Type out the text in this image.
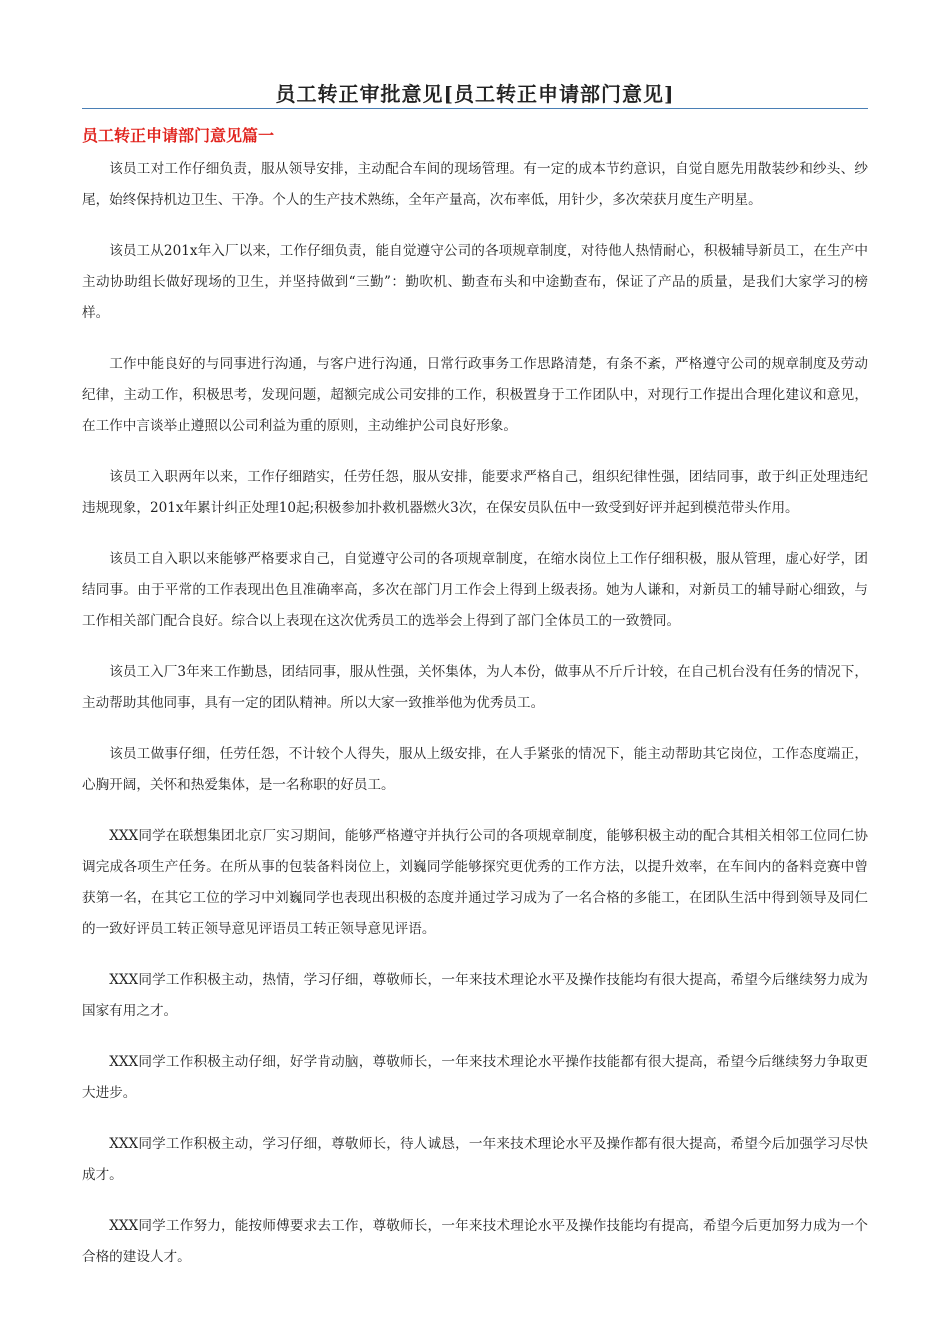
员工转正审批意见[员工转正申请部门意见]
员工转正申请部门意见篇一

该员工对工作仔细负责，服从领导安排，主动配合车间的现场管理。有一定的成本节约意识，自觉自愿先用散装纱和纱头、纱尾，始终保持机边卫生、干净。个人的生产技术熟练，全年产量高，次布率低，用针少，多次荣获月度生产明星。

该员工从201x年入厂以来，工作仔细负责，能自觉遵守公司的各项规章制度，对待他人热情耐心，积极辅导新员工，在生产中主动协助组长做好现场的卫生，并坚持做到“三勤”：勤吹机、勤查布头和中途勤查布，保证了产品的质量，是我们大家学习的榜样。

工作中能良好的与同事进行沟通，与客户进行沟通，日常行政事务工作思路清楚，有条不紊，严格遵守公司的规章制度及劳动纪律，主动工作，积极思考，发现问题，超额完成公司安排的工作，积极置身于工作团队中，对现行工作提出合理化建议和意见，在工作中言谈举止遵照以公司利益为重的原则，主动维护公司良好形象。

该员工入职两年以来，工作仔细踏实，任劳任怨，服从安排，能要求严格自己，组织纪律性强，团结同事，敢于纠正处理违纪违规现象，201x年累计纠正处理10起;积极参加扑救机器燃火3次，在保安员队伍中一致受到好评并起到模范带头作用。

该员工自入职以来能够严格要求自己，自觉遵守公司的各项规章制度，在缩水岗位上工作仔细积极，服从管理，虚心好学，团结同事。由于平常的工作表现出色且准确率高，多次在部门月工作会上得到上级表扬。她为人谦和，对新员工的辅导耐心细致，与工作相关部门配合良好。综合以上表现在这次优秀员工的选举会上得到了部门全体员工的一致赞同。

该员工入厂3年来工作勤恳，团结同事，服从性强，关怀集体，为人本份，做事从不斤斤计较，在自己机台没有任务的情况下，主动帮助其他同事，具有一定的团队精神。所以大家一致推举他为优秀员工。

该员工做事仔细，任劳任怨，不计较个人得失，服从上级安排，在人手紧张的情况下，能主动帮助其它岗位，工作态度端正，心胸开阔，关怀和热爱集体，是一名称职的好员工。

XXX同学在联想集团北京厂实习期间，能够严格遵守并执行公司的各项规章制度，能够积极主动的配合其相关相邻工位同仁协调完成各项生产任务。在所从事的包装备料岗位上，刘巍同学能够探究更优秀的工作方法，以提升效率，在车间内的备料竞赛中曾获第一名，在其它工位的学习中刘巍同学也表现出积极的态度并通过学习成为了一名合格的多能工，在团队生活中得到领导及同仁的一致好评员工转正领导意见评语员工转正领导意见评语。

XXX同学工作积极主动，热情，学习仔细，尊敬师长，一年来技术理论水平及操作技能均有很大提高，希望今后继续努力成为国家有用之才。

XXX同学工作积极主动仔细，好学肯动脑，尊敬师长，一年来技术理论水平操作技能都有很大提高，希望今后继续努力争取更大进步。

XXX同学工作积极主动，学习仔细，尊敬师长，待人诚恳，一年来技术理论水平及操作都有很大提高，希望今后加强学习尽快成才。

XXX同学工作努力，能按师傅要求去工作，尊敬师长，一年来技术理论水平及操作技能均有提高，希望今后更加努力成为一个合格的建设人才。
